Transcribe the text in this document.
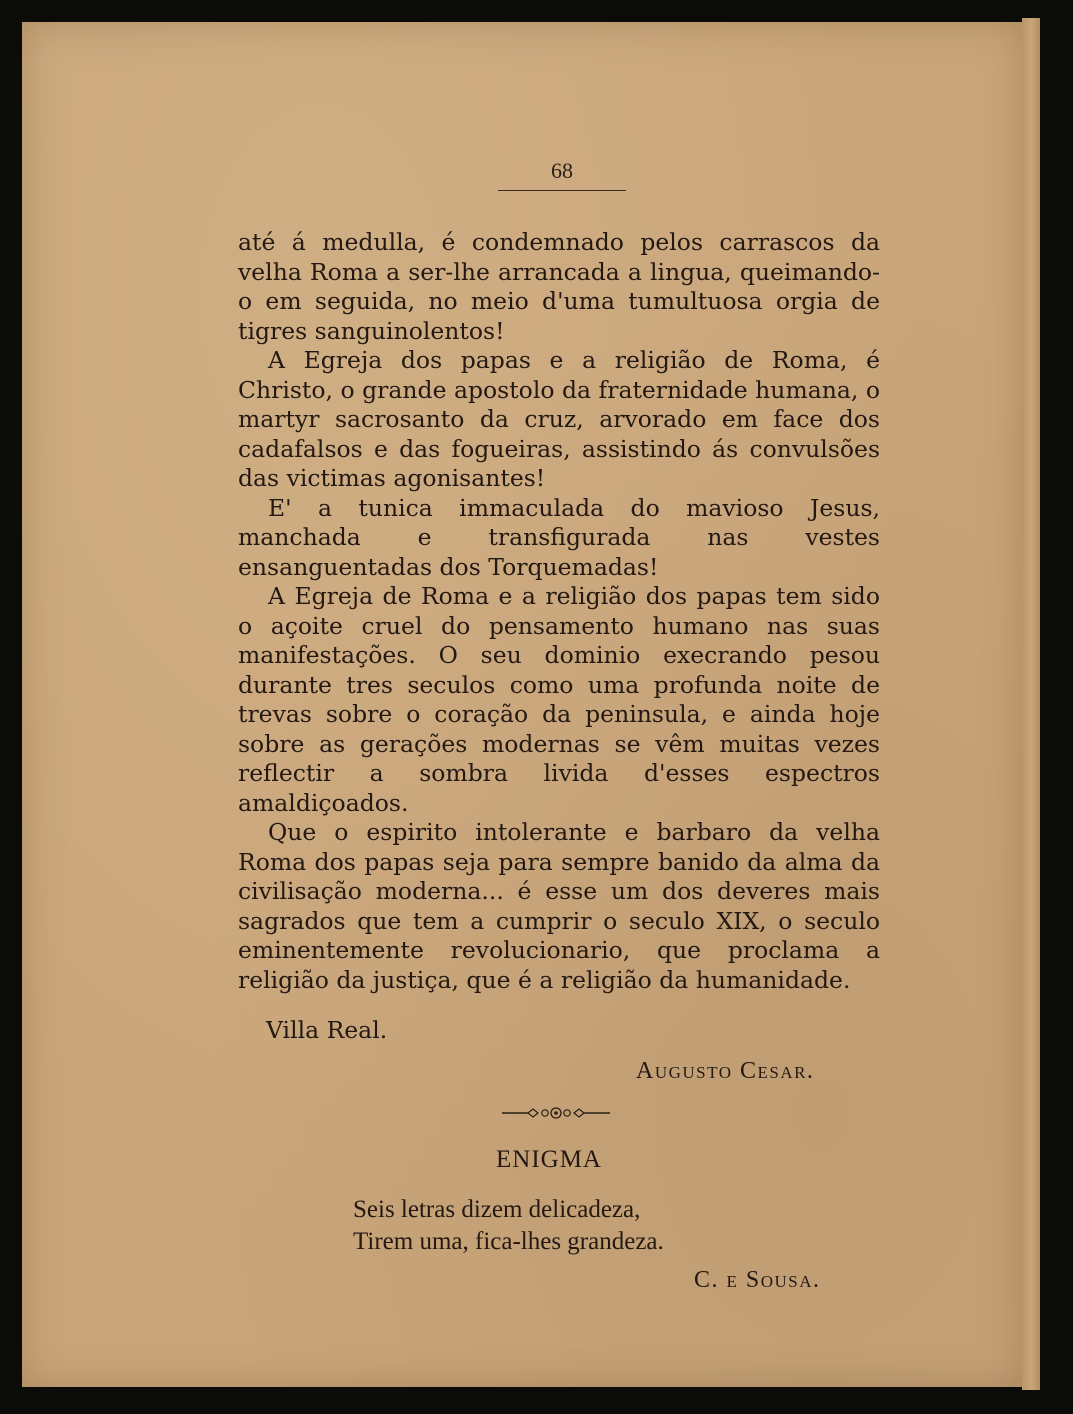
68

até á medulla, é condemnado pelos carrascos da velha Roma a ser-lhe arrancada a lingua, queimando-o em seguida, no meio d'uma tumultuosa orgia de tigres sanguinolentos!

A Egreja dos papas e a religião de Roma, é Christo, o grande apostolo da fraternidade humana, o martyr sacrosanto da cruz, arvorado em face dos cadafalsos e das fogueiras, assistindo ás convulsões das victimas agonisantes!

E' a tunica immaculada do mavioso Jesus, manchada e transfigurada nas vestes ensanguentadas dos Torquemadas!

A Egreja de Roma e a religião dos papas tem sido o açoite cruel do pensamento humano nas suas manifestações. O seu dominio execrando pesou durante tres seculos como uma profunda noite de trevas sobre o coração da peninsula, e ainda hoje sobre as gerações modernas se vêm muitas vezes reflectir a sombra livida d'esses espectros amaldiçoados.

Que o espirito intolerante e barbaro da velha Roma dos papas seja para sempre banido da alma da civilisação moderna... é esse um dos deveres mais sagrados que tem a cumprir o seculo XIX, o seculo eminentemente revolucionario, que proclama a religião da justiça, que é a religião da humanidade.

Villa Real.
Augusto Cesar.
ENIGMA
Seis letras dizem delicadeza,
Tirem uma, fica-lhes grandeza.
C. e Sousa.
